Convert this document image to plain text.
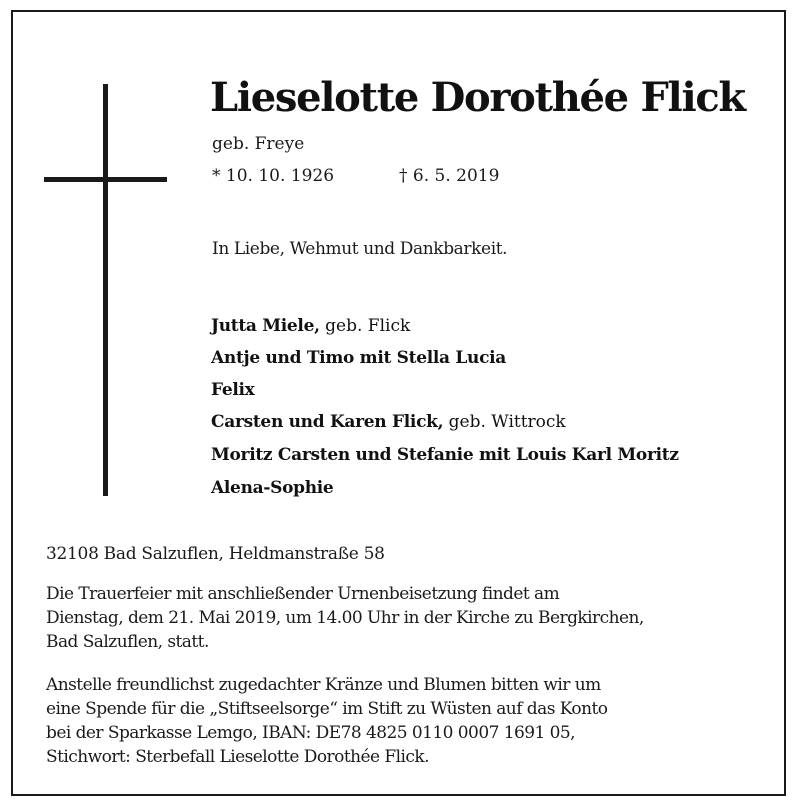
Lieselotte Dorothée Flick
geb. Freye
* 10. 10. 1926	† 6. 5. 2019
In Liebe, Wehmut und Dankbarkeit.
Jutta Miele, geb. Flick
Antje und Timo mit Stella Lucia
Felix
Carsten und Karen Flick, geb. Wittrock
Moritz Carsten und Stefanie mit Louis Karl Moritz
Alena-Sophie
32108 Bad Salzuflen, Heldmanstraße 58
Die Trauerfeier mit anschließender Urnenbeisetzung findet am
Dienstag, dem 21. Mai 2019, um 14.00 Uhr in der Kirche zu Bergkirchen,
Bad Salzuflen, statt.
Anstelle freundlichst zugedachter Kränze und Blumen bitten wir um
eine Spende für die „Stiftseelsorge“ im Stift zu Wüsten auf das Konto
bei der Sparkasse Lemgo, IBAN: DE78 4825 0110 0007 1691 05,
Stichwort: Sterbefall Lieselotte Dorothée Flick.
